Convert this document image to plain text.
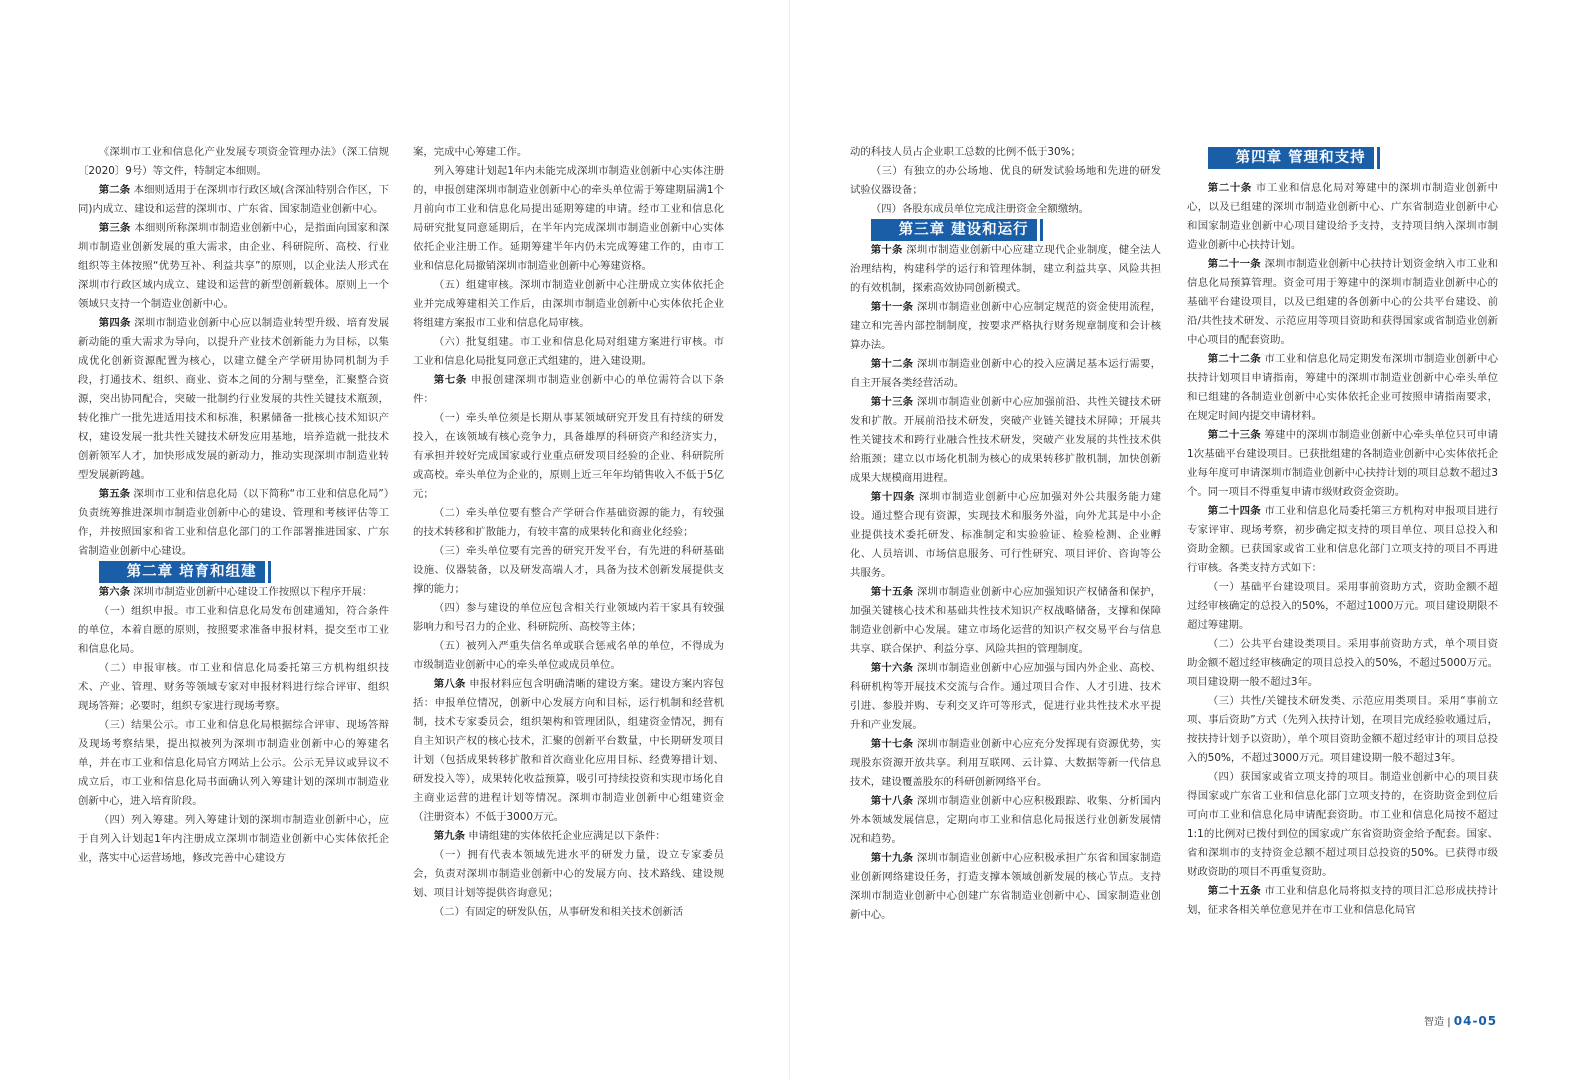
《深圳市工业和信息化产业发展专项资金管理办法》（深工信规〔2020〕9号）等文件，特制定本细则。

第二条 本细则适用于在深圳市行政区域(含深汕特别合作区，下同)内成立、建设和运营的深圳市、广东省、国家制造业创新中心。

第三条 本细则所称深圳市制造业创新中心，是指面向国家和深圳市制造业创新发展的重大需求，由企业、科研院所、高校、行业组织等主体按照“优势互补、利益共享”的原则，以企业法人形式在深圳市行政区域内成立、建设和运营的新型创新载体。原则上一个领域只支持一个制造业创新中心。

第四条 深圳市制造业创新中心应以制造业转型升级、培育发展新动能的重大需求为导向，以提升产业技术创新能力为目标，以集成优化创新资源配置为核心，以建立健全产学研用协同机制为手段，打通技术、组织、商业、资本之间的分割与壁垒，汇聚整合资源，突出协同配合，突破一批制约行业发展的共性关键技术瓶颈，转化推广一批先进适用技术和标准，积累储备一批核心技术知识产权，建设发展一批共性关键技术研发应用基地，培养造就一批技术创新领军人才，加快形成发展的新动力，推动实现深圳市制造业转型发展新跨越。

第五条 深圳市工业和信息化局（以下简称“市工业和信息化局”）负责统筹推进深圳市制造业创新中心的建设、管理和考核评估等工作，并按照国家和省工业和信息化部门的工作部署推进国家、广东省制造业创新中心建设。

第二章 培育和组建

第六条 深圳市制造业创新中心建设工作按照以下程序开展：

（一）组织申报。市工业和信息化局发布创建通知，符合条件的单位，本着自愿的原则，按照要求准备申报材料，提交至市工业和信息化局。

（二）申报审核。市工业和信息化局委托第三方机构组织技术、产业、管理、财务等领域专家对申报材料进行综合评审、组织现场答辩；必要时，组织专家进行现场考察。

（三）结果公示。市工业和信息化局根据综合评审、现场答辩及现场考察结果，提出拟被列为深圳市制造业创新中心的筹建名单，并在市工业和信息化局官方网站上公示。公示无异议或异议不成立后，市工业和信息化局书面确认列入筹建计划的深圳市制造业创新中心，进入培育阶段。

（四）列入筹建。列入筹建计划的深圳市制造业创新中心，应于自列入计划起1年内注册成立深圳市制造业创新中心实体依托企业，落实中心运营场地，修改完善中心建设方

案，完成中心筹建工作。

列入筹建计划起1年内未能完成深圳市制造业创新中心实体注册的，申报创建深圳市制造业创新中心的牵头单位需于筹建期届满1个月前向市工业和信息化局提出延期筹建的申请。经市工业和信息化局研究批复同意延期后，在半年内完成深圳市制造业创新中心实体依托企业注册工作。延期筹建半年内仍未完成筹建工作的，由市工业和信息化局撤销深圳市制造业创新中心筹建资格。

（五）组建审核。深圳市制造业创新中心注册成立实体依托企业并完成筹建相关工作后，由深圳市制造业创新中心实体依托企业将组建方案报市工业和信息化局审核。

（六）批复组建。市工业和信息化局对组建方案进行审核。市工业和信息化局批复同意正式组建的，进入建设期。

第七条 申报创建深圳市制造业创新中心的单位需符合以下条件：

（一）牵头单位须是长期从事某领域研究开发且有持续的研发投入，在该领域有核心竞争力，具备雄厚的科研资产和经济实力，有承担并较好完成国家或行业重点研发项目经验的企业、科研院所或高校。牵头单位为企业的，原则上近三年年均销售收入不低于5亿元；

（二）牵头单位要有整合产学研合作基础资源的能力，有较强的技术转移和扩散能力，有较丰富的成果转化和商业化经验；

（三）牵头单位要有完善的研究开发平台，有先进的科研基础设施、仪器装备，以及研发高端人才，具备为技术创新发展提供支撑的能力；

（四）参与建设的单位应包含相关行业领域内若干家具有较强影响力和号召力的企业、科研院所、高校等主体；

（五）被列入严重失信名单或联合惩戒名单的单位，不得成为市级制造业创新中心的牵头单位或成员单位。

第八条 申报材料应包含明确清晰的建设方案。建设方案内容包括：申报单位情况，创新中心发展方向和目标，运行机制和经营机制，技术专家委员会，组织架构和管理团队，组建资金情况，拥有自主知识产权的核心技术，汇聚的创新平台数量，中长期研发项目计划（包括成果转移扩散和首次商业化应用目标、经费筹措计划、研发投入等），成果转化收益预算，吸引可持续投资和实现市场化自主商业运营的进程计划等情况。深圳市制造业创新中心组建资金（注册资本）不低于3000万元。

第九条 申请组建的实体依托企业应满足以下条件：

（一）拥有代表本领域先进水平的研发力量，设立专家委员会，负责对深圳市制造业创新中心的发展方向、技术路线、建设规划、项目计划等提供咨询意见；

（二）有固定的研发队伍，从事研发和相关技术创新活

动的科技人员占企业职工总数的比例不低于30%；

（三）有独立的办公场地、优良的研发试验场地和先进的研发试验仪器设备；

（四）各股东成员单位完成注册资金全额缴纳。

第三章 建设和运行

第十条 深圳市制造业创新中心应建立现代企业制度，健全法人治理结构，构建科学的运行和管理体制，建立利益共享、风险共担的有效机制，探索高效协同创新模式。

第十一条 深圳市制造业创新中心应制定规范的资金使用流程，建立和完善内部控制制度，按要求严格执行财务规章制度和会计核算办法。

第十二条 深圳市制造业创新中心的投入应满足基本运行需要，自主开展各类经营活动。

第十三条 深圳市制造业创新中心应加强前沿、共性关键技术研发和扩散。开展前沿技术研发，突破产业链关键技术屏障；开展共性关键技术和跨行业融合性技术研发，突破产业发展的共性技术供给瓶颈；建立以市场化机制为核心的成果转移扩散机制，加快创新成果大规模商用进程。

第十四条 深圳市制造业创新中心应加强对外公共服务能力建设。通过整合现有资源，实现技术和服务外溢，向外尤其是中小企业提供技术委托研发、标准制定和实验验证、检验检测、企业孵化、人员培训、市场信息服务、可行性研究、项目评价、咨询等公共服务。

第十五条 深圳市制造业创新中心应加强知识产权储备和保护，加强关键核心技术和基础共性技术知识产权战略储备，支撑和保障制造业创新中心发展。建立市场化运营的知识产权交易平台与信息共享、联合保护、利益分享、风险共担的管理制度。

第十六条 深圳市制造业创新中心应加强与国内外企业、高校、科研机构等开展技术交流与合作。通过项目合作、人才引进、技术引进、参股并购、专利交叉许可等形式，促进行业共性技术水平提升和产业发展。

第十七条 深圳市制造业创新中心应充分发挥现有资源优势，实现股东资源开放共享。利用互联网、云计算、大数据等新一代信息技术，建设覆盖股东的科研创新网络平台。

第十八条 深圳市制造业创新中心应积极跟踪、收集、分析国内外本领域发展信息，定期向市工业和信息化局报送行业创新发展情况和趋势。

第十九条 深圳市制造业创新中心应积极承担广东省和国家制造业创新网络建设任务，打造支撑本领域创新发展的核心节点。支持深圳市制造业创新中心创建广东省制造业创新中心、国家制造业创新中心。

第四章 管理和支持

第二十条 市工业和信息化局对筹建中的深圳市制造业创新中心，以及已组建的深圳市制造业创新中心、广东省制造业创新中心和国家制造业创新中心项目建设给予支持，支持项目纳入深圳市制造业创新中心扶持计划。

第二十一条 深圳市制造业创新中心扶持计划资金纳入市工业和信息化局预算管理。资金可用于筹建中的深圳市制造业创新中心的基础平台建设项目，以及已组建的各创新中心的公共平台建设、前沿/共性技术研发、示范应用等项目资助和获得国家或省制造业创新中心项目的配套资助。

第二十二条 市工业和信息化局定期发布深圳市制造业创新中心扶持计划项目申请指南，筹建中的深圳市制造业创新中心牵头单位和已组建的各制造业创新中心实体依托企业可按照申请指南要求，在规定时间内提交申请材料。

第二十三条 筹建中的深圳市制造业创新中心牵头单位只可申请1次基础平台建设项目。已获批组建的各制造业创新中心实体依托企业每年度可申请深圳市制造业创新中心扶持计划的项目总数不超过3个。同一项目不得重复申请市级财政资金资助。

第二十四条 市工业和信息化局委托第三方机构对申报项目进行专家评审、现场考察，初步确定拟支持的项目单位、项目总投入和资助金额。已获国家或省工业和信息化部门立项支持的项目不再进行审核。各类支持方式如下：

（一）基础平台建设项目。采用事前资助方式，资助金额不超过经审核确定的总投入的50%，不超过1000万元。项目建设期限不超过筹建期。

（二）公共平台建设类项目。采用事前资助方式，单个项目资助金额不超过经审核确定的项目总投入的50%，不超过5000万元。项目建设期一般不超过3年。

（三）共性/关键技术研发类、示范应用类项目。采用“事前立项、事后资助”方式（先列入扶持计划，在项目完成经验收通过后，按扶持计划予以资助），单个项目资助金额不超过经审计的项目总投入的50%，不超过3000万元。项目建设期一般不超过3年。

（四）获国家或省立项支持的项目。制造业创新中心的项目获得国家或广东省工业和信息化部门立项支持的，在资助资金到位后可向市工业和信息化局申请配套资助。市工业和信息化局按不超过1:1的比例对已拨付到位的国家或广东省资助资金给予配套。国家、省和深圳市的支持资金总额不超过项目总投资的50%。已获得市级财政资助的项目不再重复资助。

第二十五条 市工业和信息化局将拟支持的项目汇总形成扶持计划，征求各相关单位意见并在市工业和信息化局官

智造 | 04-05
